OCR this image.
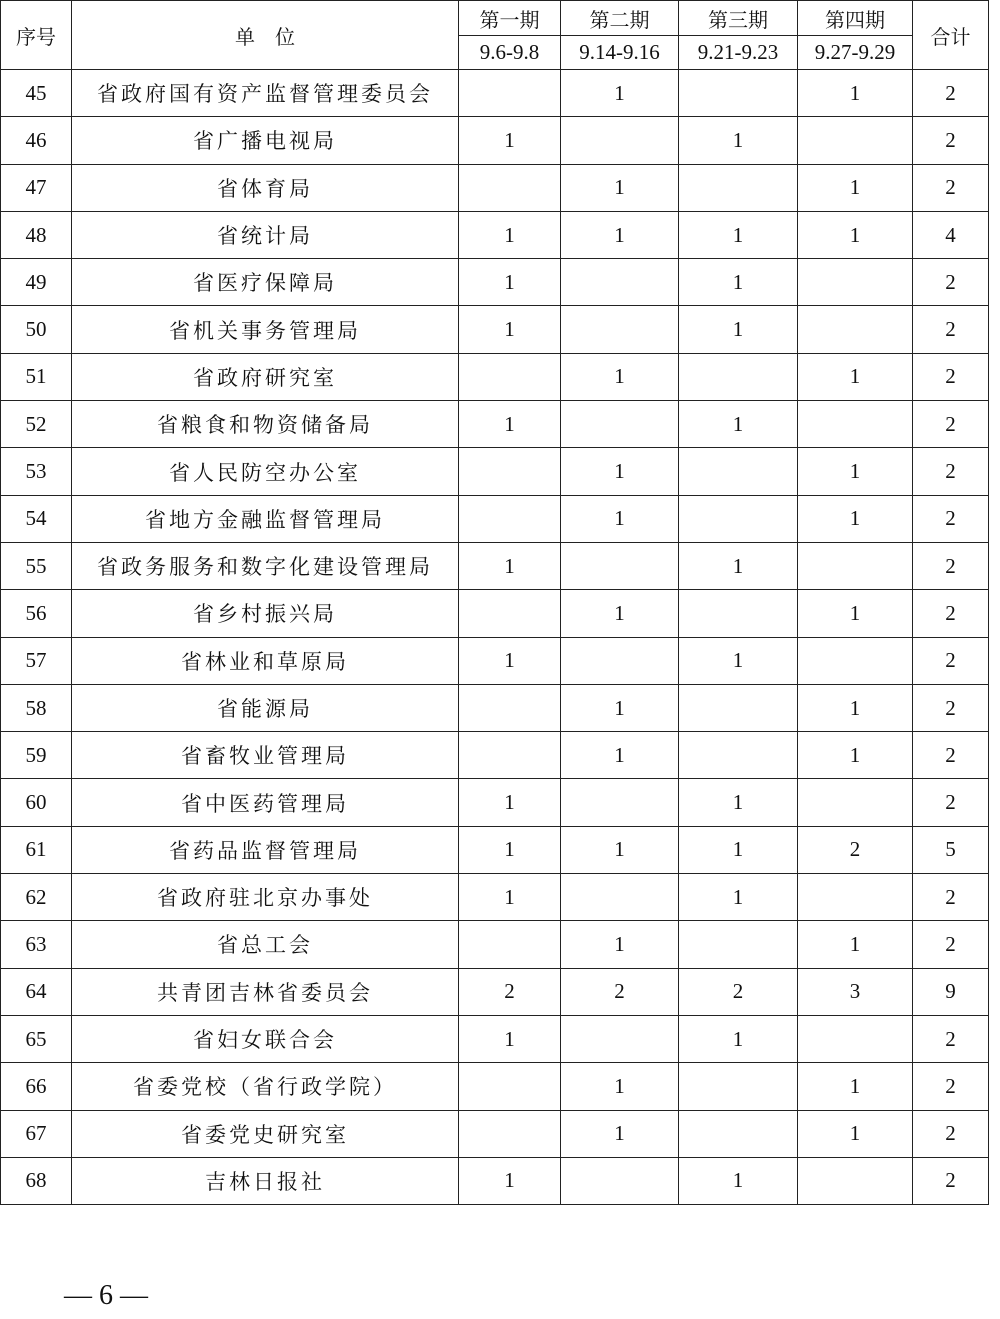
序号	单　位	第一期	第二期	第三期	第四期	合计
		9.6-9.8	9.14-9.16	9.21-9.23	9.27-9.29	
45	省政府国有资产监督管理委员会		1		1	2
46	省广播电视局	1		1		2
47	省体育局		1		1	2
48	省统计局	1	1	1	1	4
49	省医疗保障局	1		1		2
50	省机关事务管理局	1		1		2
51	省政府研究室		1		1	2
52	省粮食和物资储备局	1		1		2
53	省人民防空办公室		1		1	2
54	省地方金融监督管理局		1		1	2
55	省政务服务和数字化建设管理局	1		1		2
56	省乡村振兴局		1		1	2
57	省林业和草原局	1		1		2
58	省能源局		1		1	2
59	省畜牧业管理局		1		1	2
60	省中医药管理局	1		1		2
61	省药品监督管理局	1	1	1	2	5
62	省政府驻北京办事处	1		1		2
63	省总工会		1		1	2
64	共青团吉林省委员会	2	2	2	3	9
65	省妇女联合会	1		1		2
66	省委党校（省行政学院）		1		1	2
67	省委党史研究室		1		1	2
68	吉林日报社	1		1		2
— 6 —
